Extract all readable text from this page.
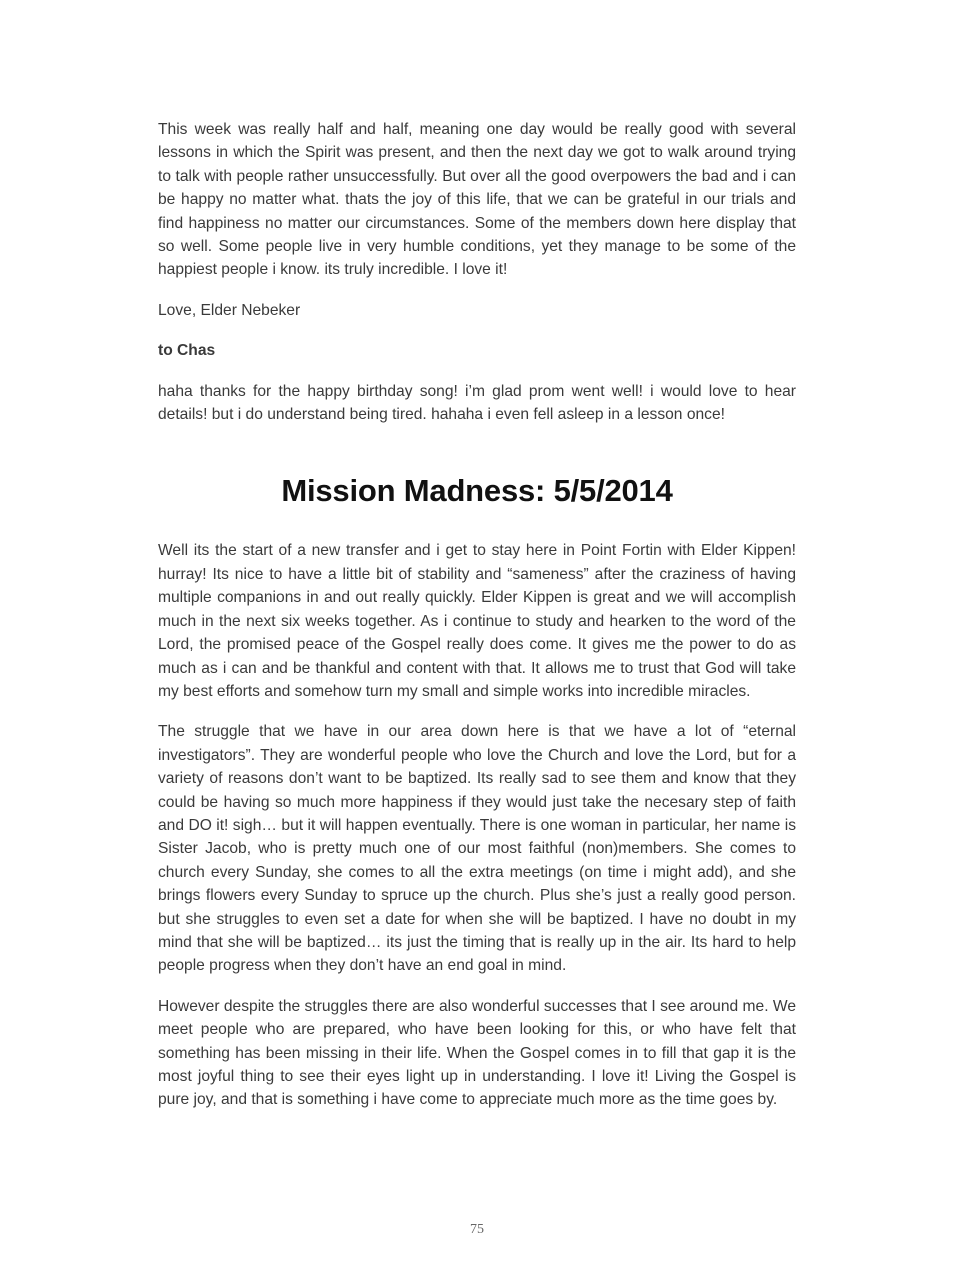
This week was really half and half, meaning one day would be really good with several lessons in which the Spirit was present, and then the next day we got to walk around trying to talk with people rather unsuccessfully. But over all the good overpowers the bad and i can be happy no matter what. thats the joy of this life, that we can be grateful in our trials and find happiness no matter our circumstances. Some of the members down here display that so well. Some people live in very humble conditions, yet they manage to be some of the happiest people i know. its truly incredible. I love it!

Love, Elder Nebeker

to Chas

haha thanks for the happy birthday song! i’m glad prom went well! i would love to hear details! but i do understand being tired. hahaha i even fell asleep in a lesson once!

Mission Madness: 5/5/2014

Well its the start of a new transfer and i get to stay here in Point Fortin with Elder Kippen! hurray! Its nice to have a little bit of stability and “sameness” after the craziness of having multiple companions in and out really quickly. Elder Kippen is great and we will accomplish much in the next six weeks together. As i continue to study and hearken to the word of the Lord, the promised peace of the Gospel really does come. It gives me the power to do as much as i can and be thankful and content with that. It allows me to trust that God will take my best efforts and somehow turn my small and simple works into incredible miracles.

The struggle that we have in our area down here is that we have a lot of “eternal investigators”. They are wonderful people who love the Church and love the Lord, but for a variety of reasons don’t want to be baptized. Its really sad to see them and know that they could be having so much more happiness if they would just take the necesary step of faith and DO it! sigh… but it will happen eventually. There is one woman in particular, her name is Sister Jacob, who is pretty much one of our most faithful (non)members. She comes to church every Sunday, she comes to all the extra meetings (on time i might add), and she brings flowers every Sunday to spruce up the church. Plus she’s just a really good person. but she struggles to even set a date for when she will be baptized. I have no doubt in my mind that she will be baptized… its just the timing that is really up in the air. Its hard to help people progress when they don’t have an end goal in mind.

However despite the struggles there are also wonderful successes that I see around me. We meet people who are prepared, who have been looking for this, or who have felt that something has been missing in their life. When the Gospel comes in to fill that gap it is the most joyful thing to see their eyes light up in understanding. I love it! Living the Gospel is pure joy, and that is something i have come to appreciate much more as the time goes by.

75
